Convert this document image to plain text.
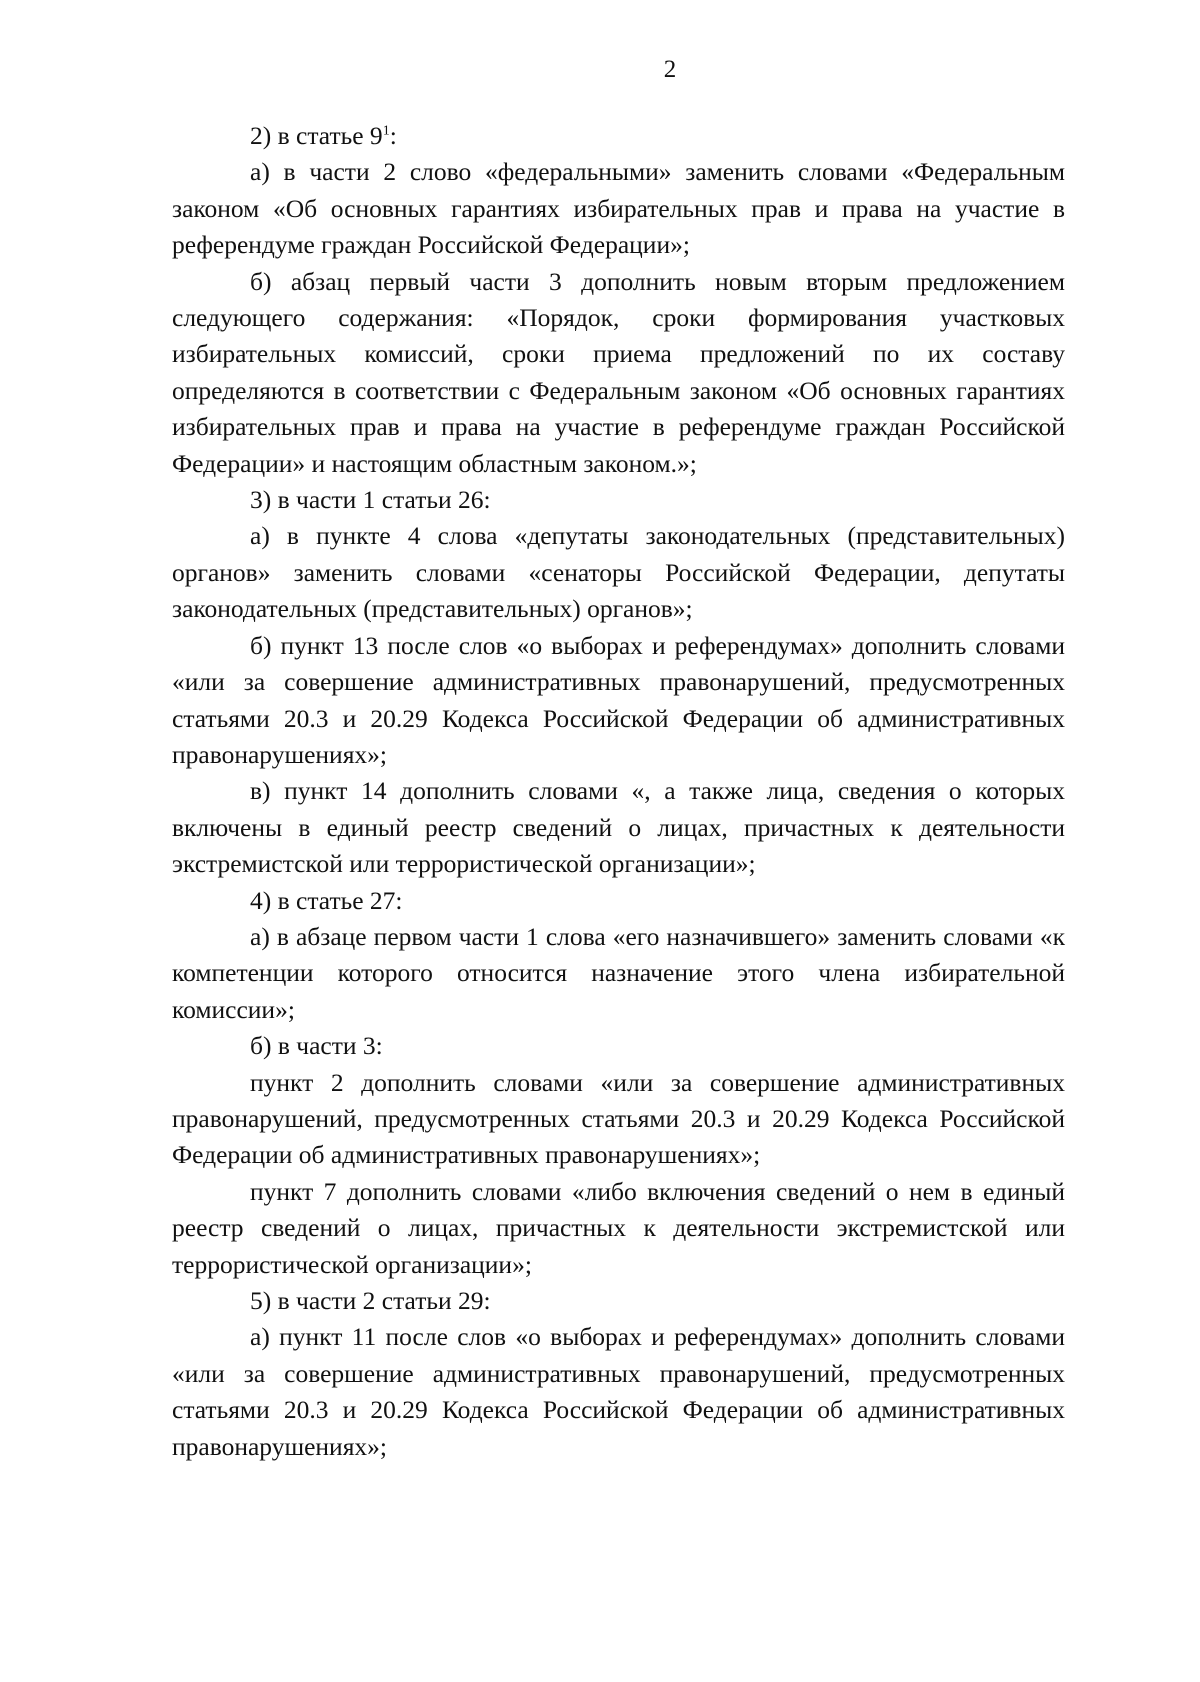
2

2) в статье $9^1$:

а) в части 2 слово «федеральными» заменить словами «Федеральным законом «Об основных гарантиях избирательных прав и права на участие в референдуме граждан Российской Федерации»;

б) абзац первый части 3 дополнить новым вторым предложением следующего содержания: «Порядок, сроки формирования участковых избирательных комиссий, сроки приема предложений по их составу определяются в соответствии с Федеральным законом «Об основных гарантиях избирательных прав и права на участие в референдуме граждан Российской Федерации» и настоящим областным законом.»;

3) в части 1 статьи 26:

а) в пункте 4 слова «депутаты законодательных (представительных) органов» заменить словами «сенаторы Российской Федерации, депутаты законодательных (представительных) органов»;

б) пункт 13 после слов «о выборах и референдумах» дополнить словами «или за совершение административных правонарушений, предусмотренных статьями 20.3 и 20.29 Кодекса Российской Федерации об административных правонарушениях»;

в) пункт 14 дополнить словами «, а также лица, сведения о которых включены в единый реестр сведений о лицах, причастных к деятельности экстремистской или террористической организации»;

4) в статье 27:

а) в абзаце первом части 1 слова «его назначившего» заменить словами «к компетенции которого относится назначение этого члена избирательной комиссии»;

б) в части 3:

пункт 2 дополнить словами «или за совершение административных правонарушений, предусмотренных статьями 20.3 и 20.29 Кодекса Российской Федерации об административных правонарушениях»;

пункт 7 дополнить словами «либо включения сведений о нем в единый реестр сведений о лицах, причастных к деятельности экстремистской или террористической организации»;

5) в части 2 статьи 29:

а) пункт 11 после слов «о выборах и референдумах» дополнить словами «или за совершение административных правонарушений, предусмотренных статьями 20.3 и 20.29 Кодекса Российской Федерации об административных правонарушениях»;
